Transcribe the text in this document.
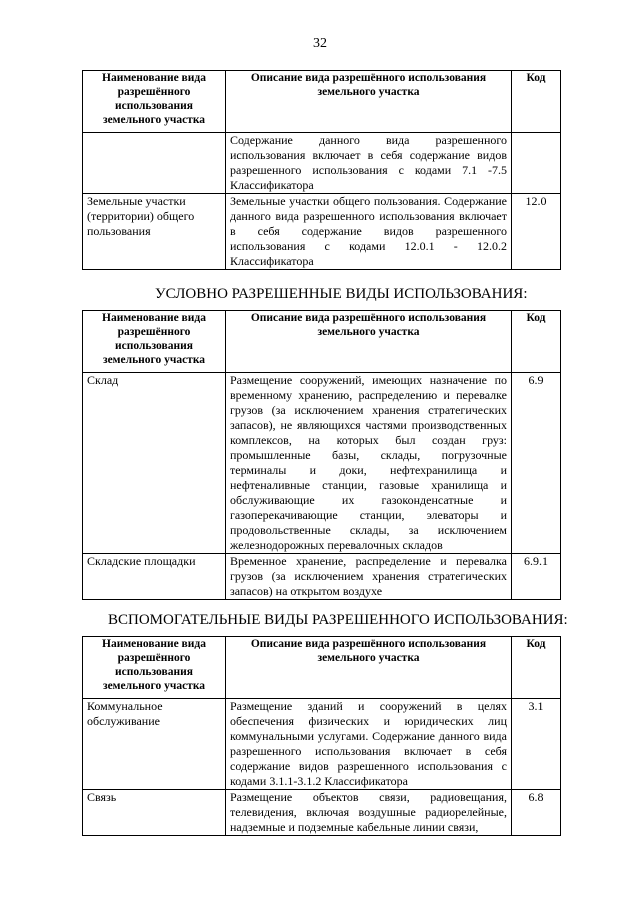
32
Наименование вида разрешённого использования земельного участка	Описание вида разрешённого использования земельного участка	Код
	Содержание данного вида разрешенного использования включает в себя содержание видов разрешенного использования с кодами 7.1 -7.5 Классификатора	
Земельные участки (территории) общего пользования	Земельные участки общего пользования. Содержание данного вида разрешенного использования включает в себя содержание видов разрешенного использования с кодами 12.0.1 - 12.0.2 Классификатора	12.0
УСЛОВНО РАЗРЕШЕННЫЕ ВИДЫ ИСПОЛЬЗОВАНИЯ:
Наименование вида разрешённого использования земельного участка	Описание вида разрешённого использования земельного участка	Код
Склад	Размещение сооружений, имеющих назначение по временному хранению, распределению и перевалке грузов (за исключением хранения стратегических запасов), не являющихся частями производственных комплексов, на которых был создан груз: промышленные базы, склады, погрузочные терминалы и доки, нефтехранилища и нефтеналивные станции, газовые хранилища и обслуживающие их газоконденсатные и газоперекачивающие станции, элеваторы и продовольственные склады, за исключением железнодорожных перевалочных складов	6.9
Складские площадки	Временное хранение, распределение и перевалка грузов (за исключением хранения стратегических запасов) на открытом воздухе	6.9.1
ВСПОМОГАТЕЛЬНЫЕ ВИДЫ РАЗРЕШЕННОГО ИСПОЛЬЗОВАНИЯ:
Наименование вида разрешённого использования земельного участка	Описание вида разрешённого использования земельного участка	Код
Коммунальное обслуживание	Размещение зданий и сооружений в целях обеспечения физических и юридических лиц коммунальными услугами. Содержание данного вида разрешенного использования включает в себя содержание видов разрешенного использования с кодами 3.1.1-3.1.2 Классификатора	3.1
Связь	Размещение объектов связи, радиовещания, телевидения, включая воздушные радиорелейные, надземные и подземные кабельные линии связи,	6.8
